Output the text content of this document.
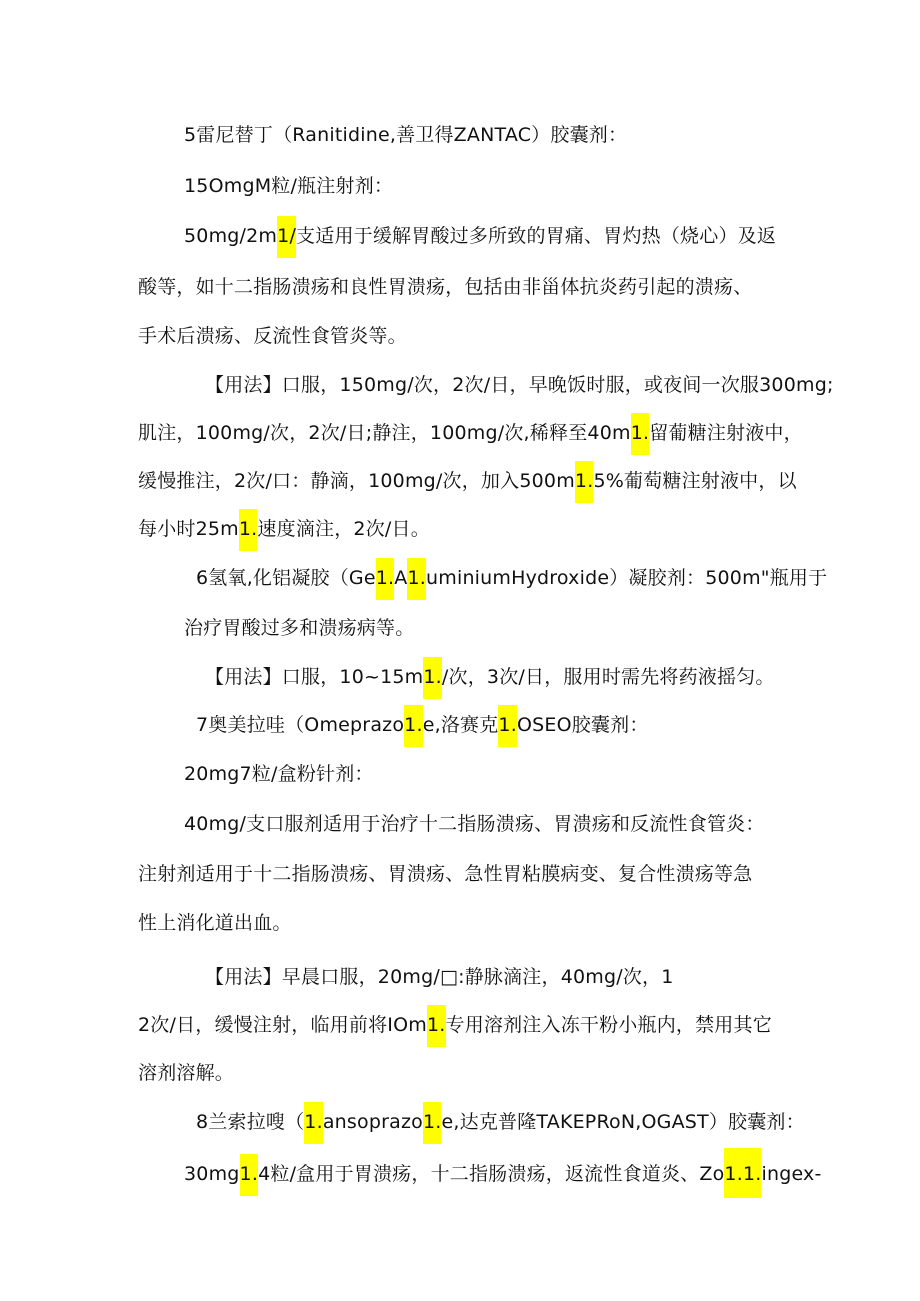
5雷尼替丁（Ranitidine,善卫得ZANTAC）胶囊剂：
15OmgM粒/瓶注射剂：
50mg∕2m1∕支适用于缓解胃酸过多所致的胃痛、胃灼热（烧心）及返
酸等，如十二指肠溃疡和良性胃溃疡，包括由非甾体抗炎药引起的溃疡、
手术后溃疡、反流性食管炎等。
【用法】口服，150mg∕次，2次/日，早晚饭时服，或夜间一次服300mg;
肌注，100mg/次，2次/日;静注，100mg/次,稀释至40m1.留葡糖注射液中，
缓慢推注，2次/口：静滴，100mg/次，加入500m1.5%葡萄糖注射液中，以
每小时25m1.速度滴注，2次/日。
6氢氧,化铝凝胶（Ge1.A1.uminiumHydroxide）凝胶剂：500m"瓶用于
治疗胃酸过多和溃疡病等。
【用法】口服，10~15m1./次，3次/日，服用时需先将药液摇匀。
7奥美拉哇（Omeprazo1.e,洛赛克1.OSEO胶囊剂：
20mg7粒/盒粉针剂：
40mg∕支口服剂适用于治疗十二指肠溃疡、胃溃疡和反流性食管炎：
注射剂适用于十二指肠溃疡、胃溃疡、急性胃粘膜病变、复合性溃疡等急
性上消化道出血。
【用法】早晨口服，20mg∕□:静脉滴注，40mg∕次，1
2次/日，缓慢注射，临用前将IOm1.专用溶剂注入冻干粉小瓶内，禁用其它
溶剂溶解。
8兰索拉嗖（1.ansoprazo1.e,达克普隆TAKEPRoN,OGAST）胶囊剂：
30mg1.4粒/盒用于胃溃疡，十二指肠溃疡，返流性食道炎、Zo1.1.ingex-
